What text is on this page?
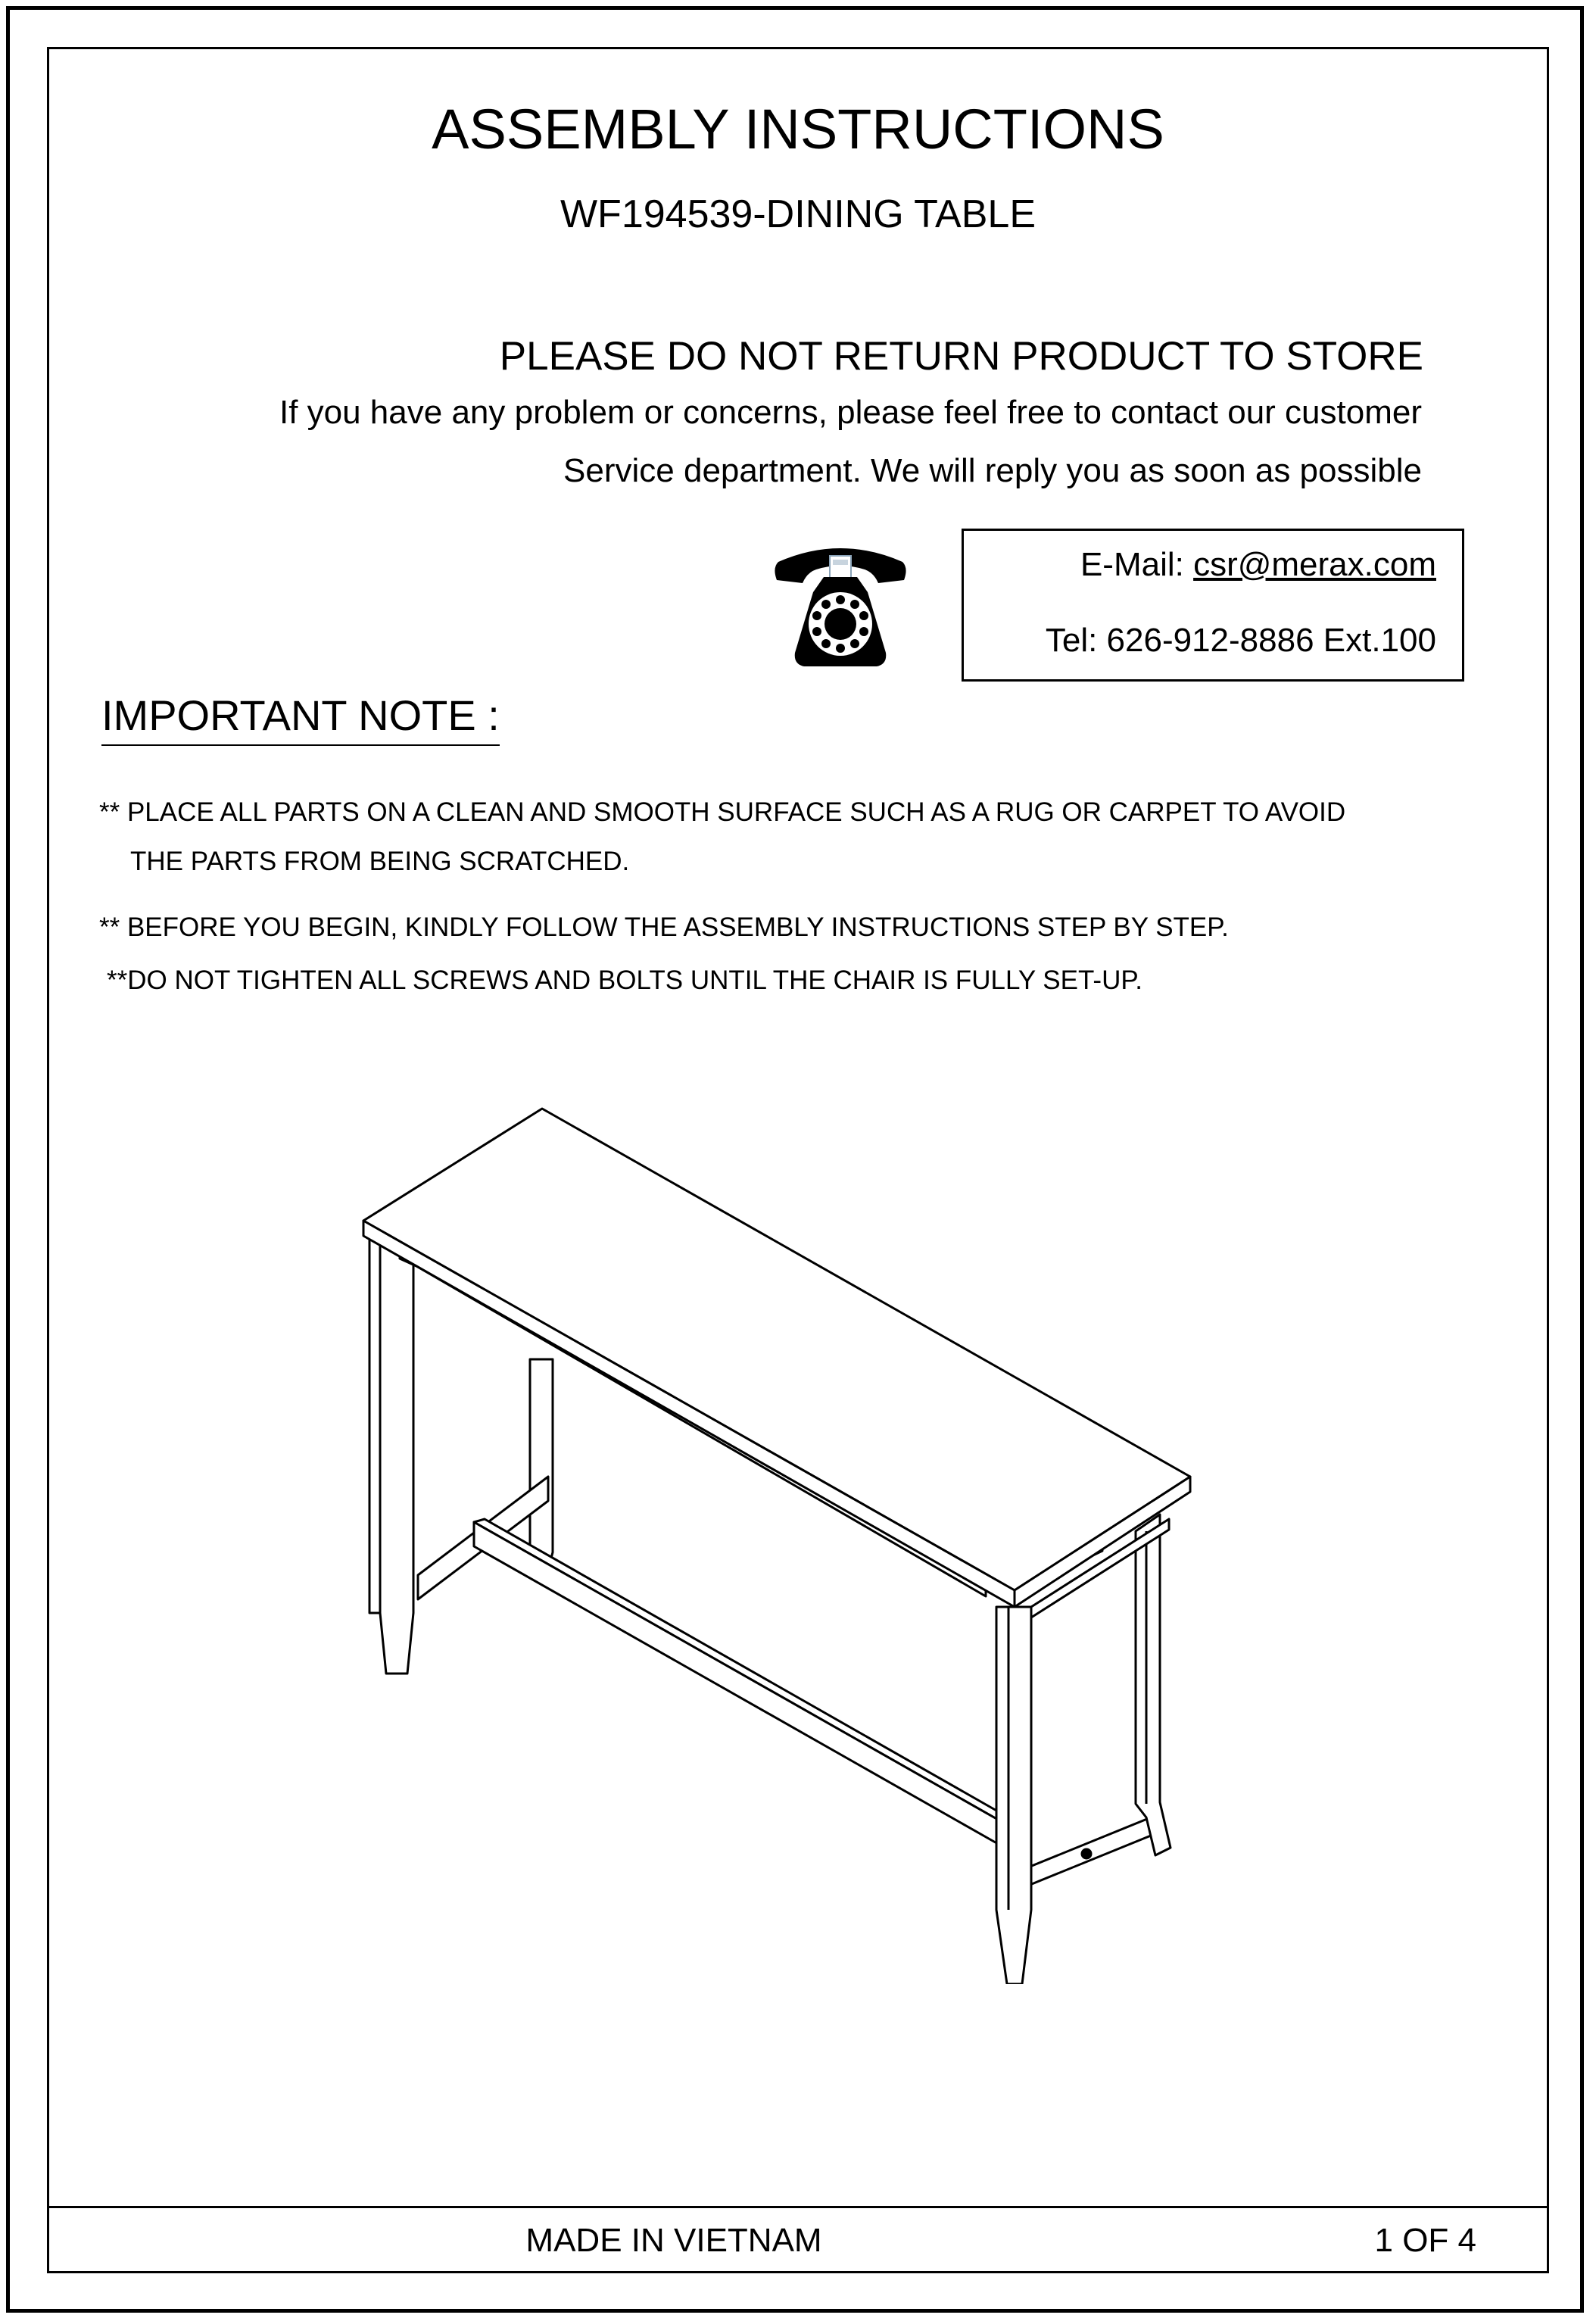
ASSEMBLY INSTRUCTIONS
WF194539-DINING TABLE
PLEASE DO NOT RETURN PRODUCT TO STORE
If you have any problem or concerns, please feel free to contact our customer
Service department. We will reply you as soon as possible
E-Mail: csr@merax.com
Tel: 626-912-8886 Ext.100
IMPORTANT NOTE :
** PLACE ALL PARTS ON A CLEAN AND SMOOTH SURFACE SUCH AS A RUG OR CARPET TO AVOID
THE PARTS FROM BEING SCRATCHED.
** BEFORE YOU BEGIN, KINDLY FOLLOW THE ASSEMBLY INSTRUCTIONS STEP BY STEP.
**DO NOT TIGHTEN ALL SCREWS AND BOLTS UNTIL THE CHAIR IS FULLY SET-UP.
MADE IN VIETNAM	1 OF 4
